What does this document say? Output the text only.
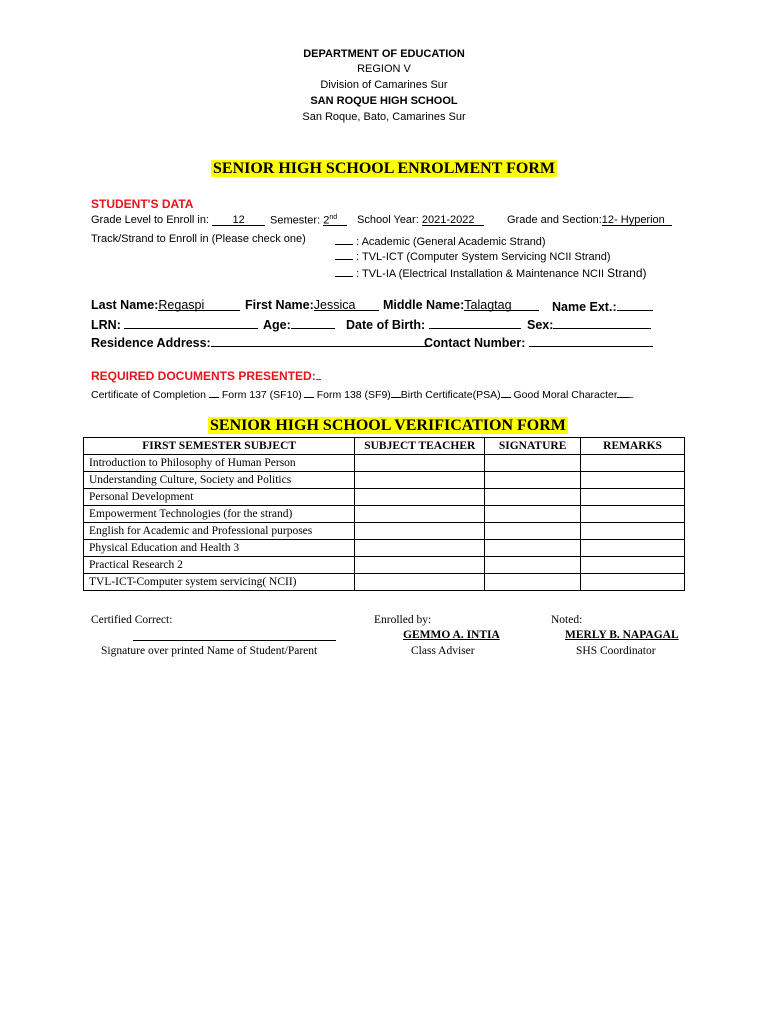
DEPARTMENT OF EDUCATION
REGION V
Division of Camarines Sur
SAN ROQUE HIGH SCHOOL
San Roque, Bato, Camarines Sur
SENIOR HIGH SCHOOL ENROLMENT FORM
STUDENT'S DATA
Grade Level to Enroll in: 12	Semester: 2nd	School Year: 2021-2022	Grade and Section:12- Hyperion
Track/Strand to Enroll in (Please check one)	: Academic (General Academic Strand)
: TVL-ICT (Computer System Servicing NCII Strand)
: TVL-IA (Electrical Installation & Maintenance NCII Strand)
Last Name:Regaspi	First Name:Jessica	Middle Name:Talagtag	Name Ext.:
LRN:	Age:	Date of Birth:	Sex:
Residence Address:	Contact Number:
REQUIRED DOCUMENTS PRESENTED:
Certificate of Completion Form 137 (SF10) Form 138 (SF9) Birth Certificate(PSA) Good Moral Character
SENIOR HIGH SCHOOL VERIFICATION FORM
FIRST SEMESTER SUBJECT	SUBJECT TEACHER	SIGNATURE	REMARKS
Introduction to Philosophy of Human Person			
Understanding Culture, Society and Politics			
Personal Development			
Empowerment Technologies (for the strand)			
English for Academic and Professional purposes			
Physical Education and Health 3			
Practical Research 2			
TVL-ICT-Computer system servicing( NCII)			
Certified Correct:
Signature over printed Name of Student/Parent
Enrolled by:
GEMMO A. INTIA
Class Adviser
Noted:
MERLY B. NAPAGAL
SHS Coordinator
